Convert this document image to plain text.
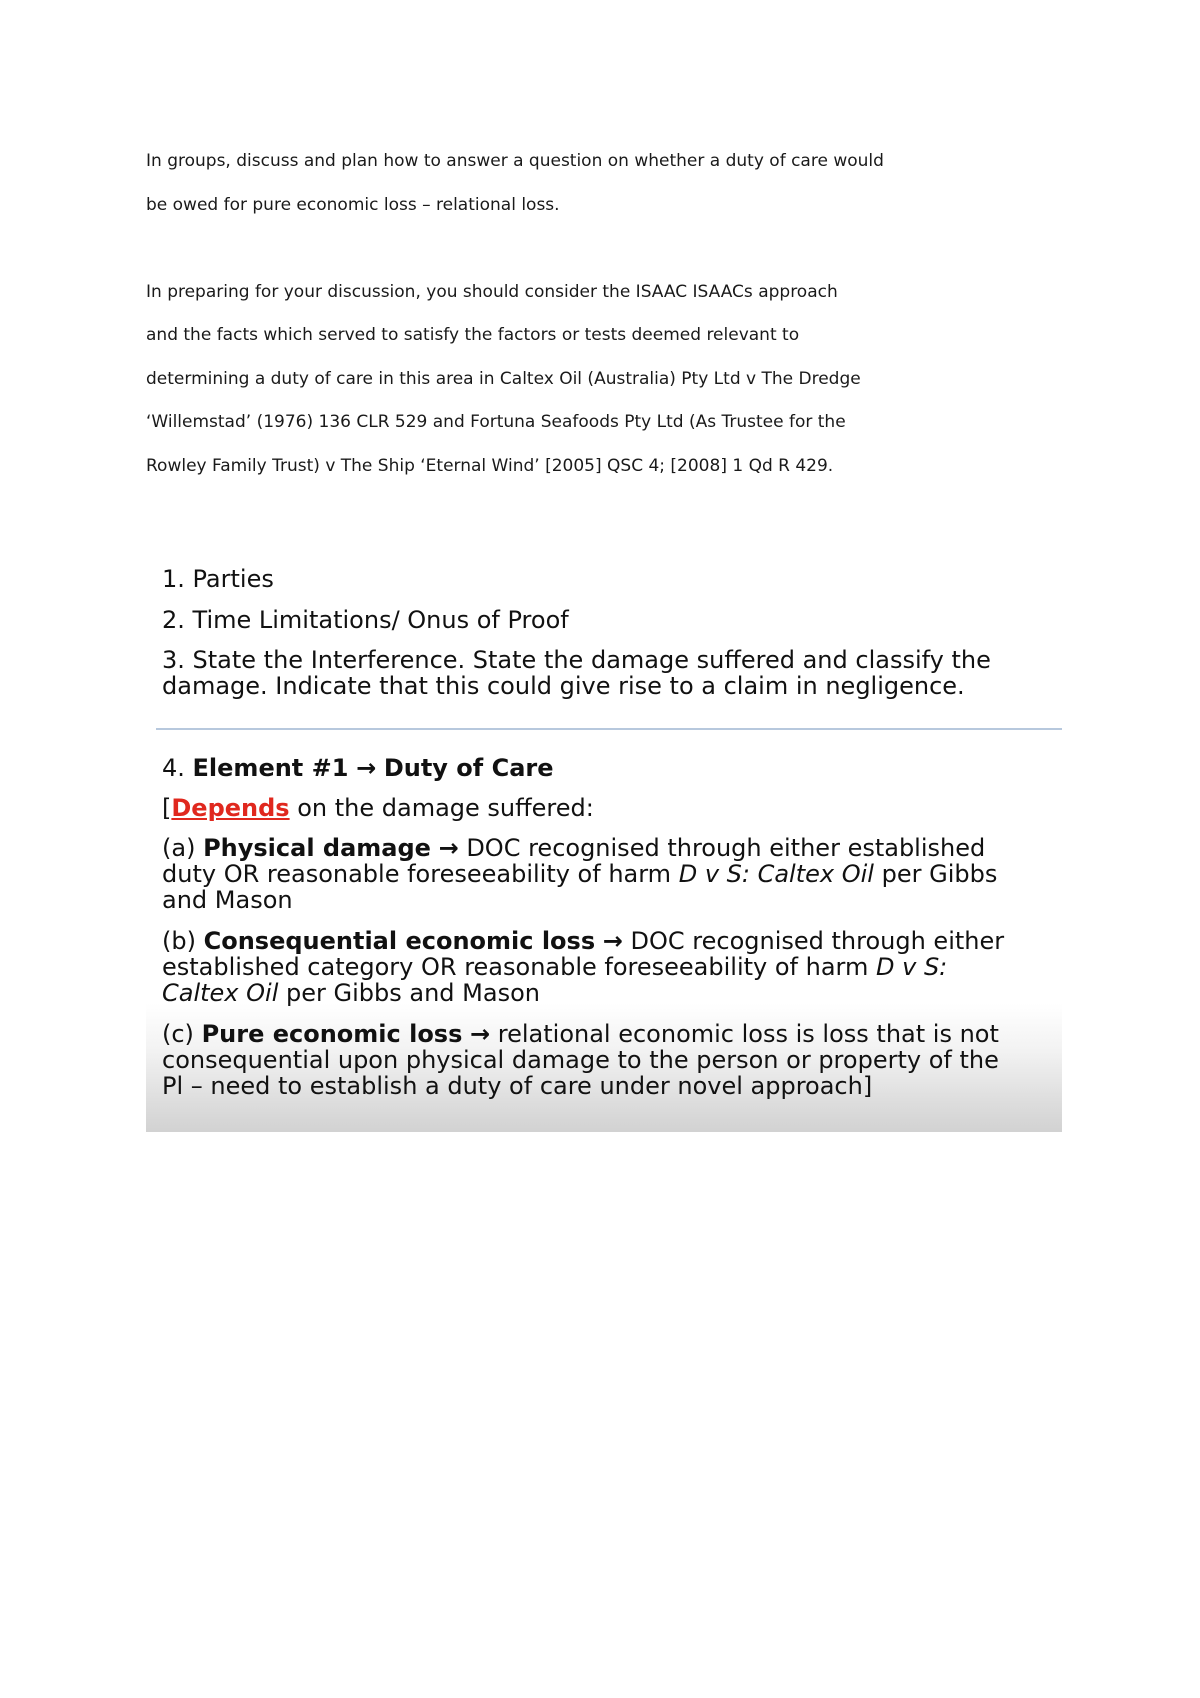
In groups, discuss and plan how to answer a question on whether a duty of care would
be owed for pure economic loss – relational loss.

In preparing for your discussion, you should consider the ISAAC ISAACs approach
and the facts which served to satisfy the factors or tests deemed relevant to
determining a duty of care in this area in Caltex Oil (Australia) Pty Ltd v The Dredge
‘Willemstad’ (1976) 136 CLR 529 and Fortuna Seafoods Pty Ltd (As Trustee for the
Rowley Family Trust) v The Ship ‘Eternal Wind’ [2005] QSC 4; [2008] 1 Qd R 429.

1. Parties
2. Time Limitations/ Onus of Proof
3. State the Interference. State the damage suffered and classify the
damage. Indicate that this could give rise to a claim in negligence.
4. Element #1 → Duty of Care
[Depends on the damage suffered:
(a) Physical damage → DOC recognised through either established
duty OR reasonable foreseeability of harm D v S: Caltex Oil per Gibbs
and Mason
(b) Consequential economic loss → DOC recognised through either
established category OR reasonable foreseeability of harm D v S:
Caltex Oil per Gibbs and Mason
(c) Pure economic loss → relational economic loss is loss that is not
consequential upon physical damage to the person or property of the
Pl – need to establish a duty of care under novel approach]
